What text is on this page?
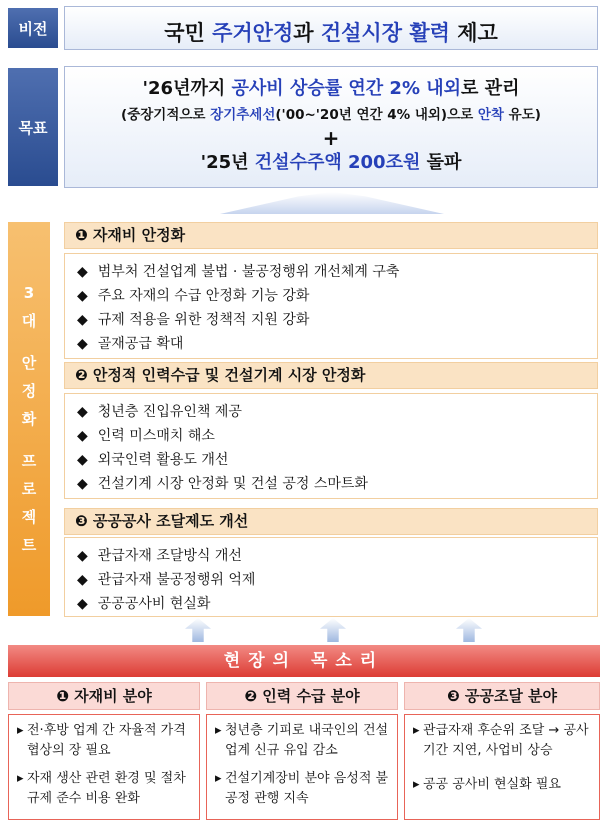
비전	국민 주거안정과 건설시장 활력 제고
목표
'26년까지 공사비 상승률 연간 2% 내외로 관리
(중장기적으로 장기추세선('00~'20년 연간 4% 내외)으로 안착 유도)
+
'25년 건설수주액 200조원 돌파
3
대
안
정
화
프
로
젝
트
❶ 자재비 안정화
◆ 범부처 건설업계 불법 · 불공정행위 개선체계 구축
◆ 주요 자재의 수급 안정화 기능 강화
◆ 규제 적용을 위한 정책적 지원 강화
◆ 골재공급 확대
❷ 안정적 인력수급 및 건설기계 시장 안정화
◆ 청년층 진입유인책 제공
◆ 인력 미스매치 해소
◆ 외국인력 활용도 개선
◆ 건설기계 시장 안정화 및 건설 공정 스마트화
❸ 공공공사 조달제도 개선
◆ 관급자재 조달방식 개선
◆ 관급자재 불공정행위 억제
◆ 공공공사비 현실화
현장의 목소리
❶ 자재비 분야	❷ 인력 수급 분야	❸ 공공조달 분야
▸ 전·후방 업계 간 자율적 가격협상의 장 필요
▸ 자재 생산 관련 환경 및 절차규제 준수 비용 완화
▸ 청년층 기피로 내국인의 건설업계 신규 유입 감소
▸ 건설기계장비 분야 음성적 불공정 관행 지속
▸ 관급자재 후순위 조달 → 공사기간 지연, 사업비 상승
▸ 공공 공사비 현실화 필요
